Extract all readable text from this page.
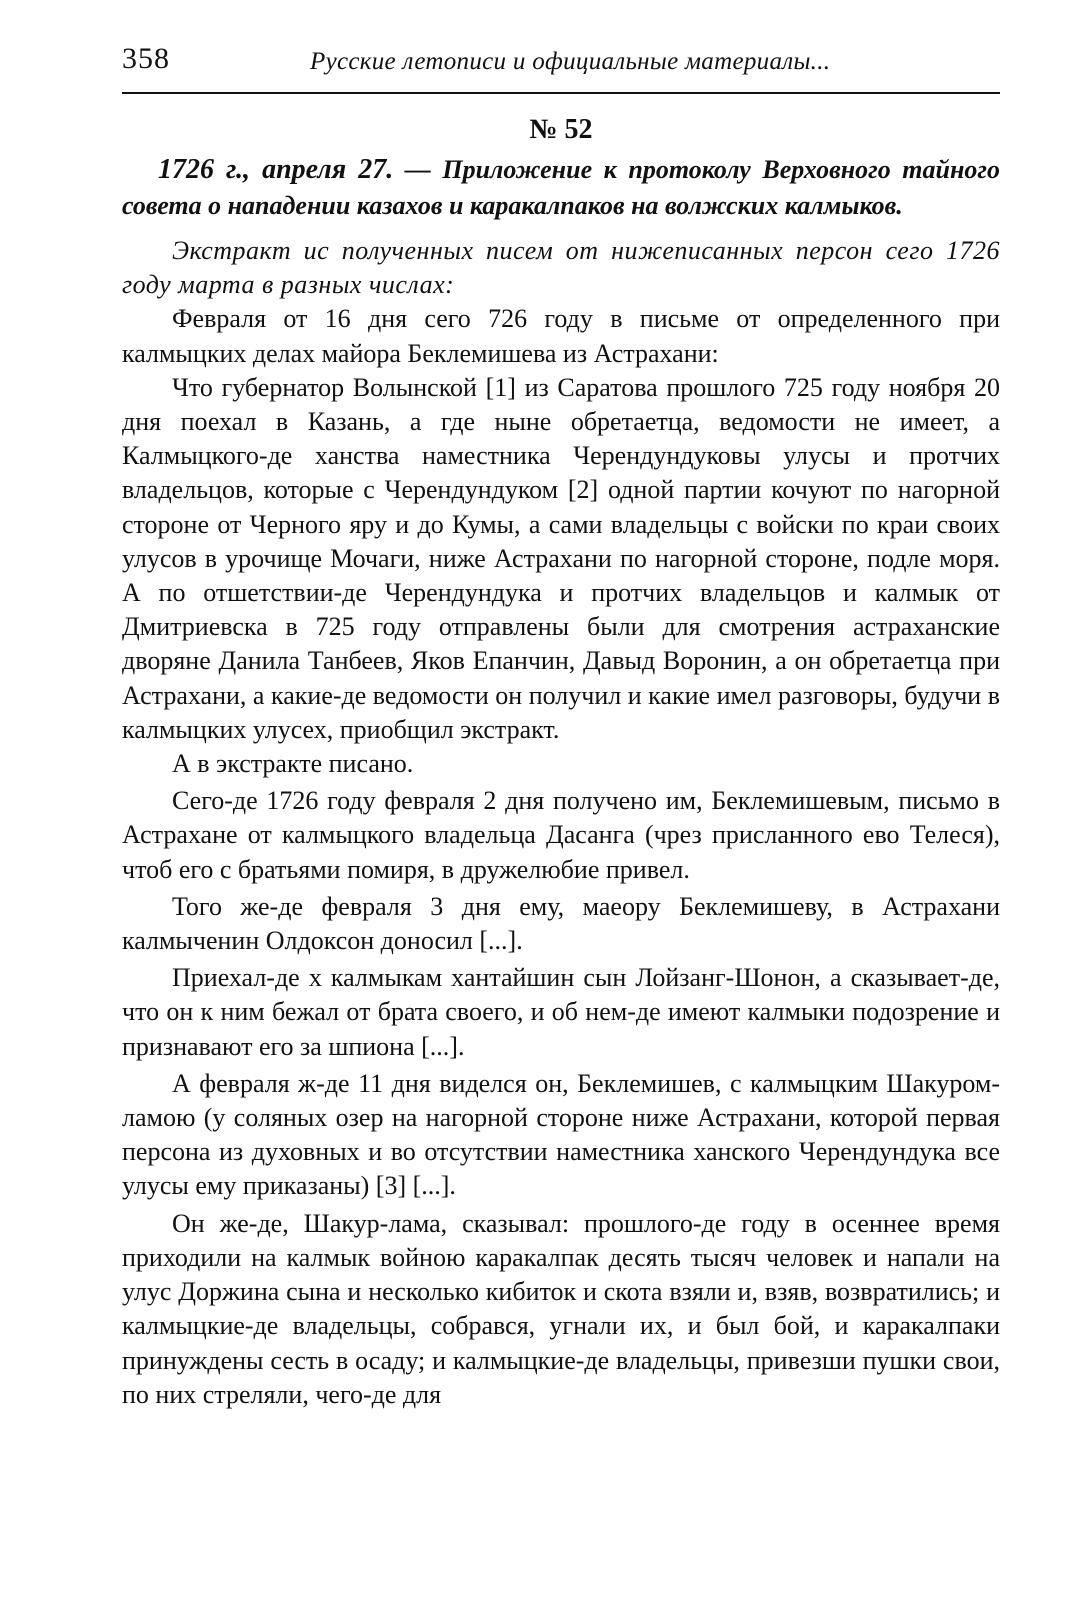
358	Русские летописи и официальные материалы...
№ 52
1726 г., апреля 27. — Приложение к протоколу Верховного тайного совета о нападении казахов и каракалпаков на волжских калмыков.

Экстракт ис полученных писем от нижеписанных персон сего 1726 году марта в разных числах:

Февраля от 16 дня сего 726 году в письме от определенного при калмыцких делах майора Беклемишева из Астрахани:

Что губернатор Волынской [1] из Саратова прошлого 725 году ноября 20 дня поехал в Казань, а где ныне обретаетца, ведомости не имеет, а Калмыцкого-де ханства наместника Черендундуковы улусы и протчих владельцов, которые с Черендундуком [2] одной партии кочуют по нагорной стороне от Черного яру и до Кумы, а сами владельцы с войски по краи своих улусов в урочище Мочаги, ниже Астрахани по нагорной стороне, подле моря. А по отшетствии-де Черендундука и протчих владельцов и калмык от Дмитриевска в 725 году отправлены были для смотрения астраханские дворяне Данила Танбеев, Яков Епанчин, Давыд Воронин, а он обретаетца при Астрахани, а какие-де ведомости он получил и какие имел разговоры, будучи в калмыцких улусех, приобщил экстракт.

А в экстракте писано.

Сего-де 1726 году февраля 2 дня получено им, Беклемишевым, письмо в Астрахане от калмыцкого владельца Дасанга (чрез присланного ево Телеся), чтоб его с братьями помиря, в дружелюбие привел.

Того же-де февраля 3 дня ему, маеору Беклемишеву, в Астрахани калмыченин Олдоксон доносил [...].

Приехал-де х калмыкам хантайшин сын Лойзанг-Шонон, а сказывает-де, что он к ним бежал от брата своего, и об нем-де имеют калмыки подозрение и признавают его за шпиона [...].

А февраля ж-де 11 дня виделся он, Беклемишев, с калмыцким Шакуром-ламою (у соляных озер на нагорной стороне ниже Астрахани, которой первая персона из духовных и во отсутствии наместника ханского Черендундука все улусы ему приказаны) [3] [...].

Он же-де, Шакур-лама, сказывал: прошлого-де году в осеннее время приходили на калмык войною каракалпак десять тысяч человек и напали на улус Доржина сына и несколько кибиток и скота взяли и, взяв, возвратились; и калмыцкие-де владельцы, собрався, угнали их, и был бой, и каракалпаки принуждены сесть в осаду; и калмыцкие-де владельцы, привезши пушки свои, по них стреляли, чего-де для
